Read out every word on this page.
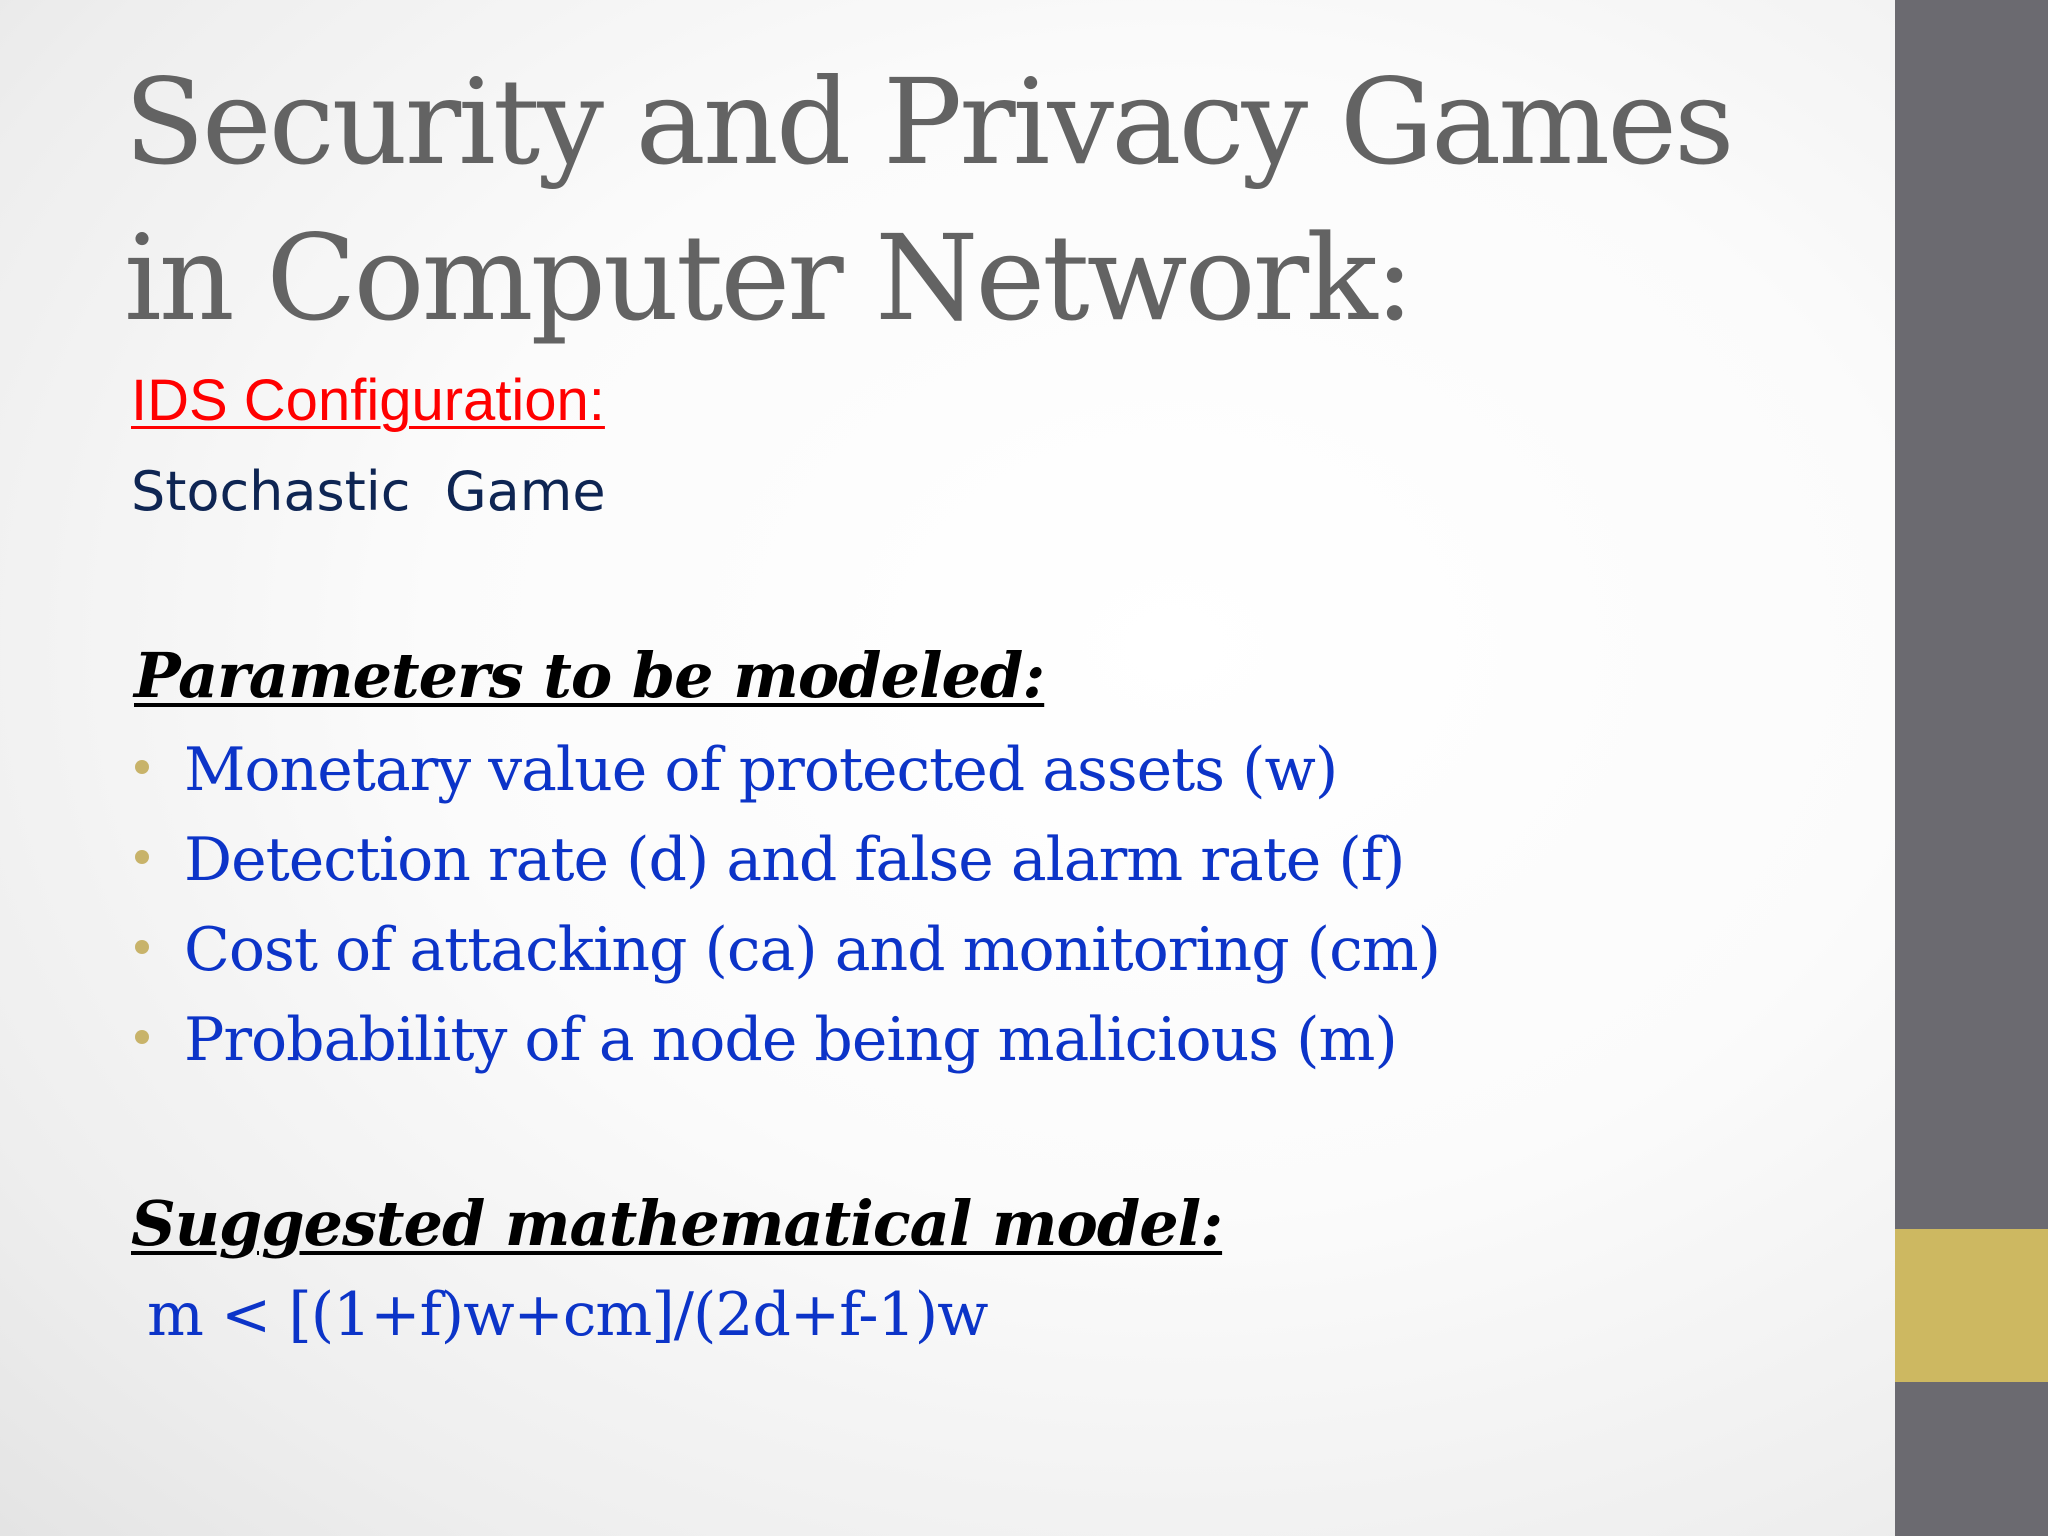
Security and Privacy Games in Computer Network:

IDS Configuration:

Stochastic  Game

Parameters to be modeled:

Monetary value of protected assets (w)
Detection rate (d) and false alarm rate (f)
Cost of attacking (ca) and monitoring (cm)
Probability of a node being malicious (m)

Suggested mathematical model:

m < [(1+f)w+cm]/(2d+f-1)w
